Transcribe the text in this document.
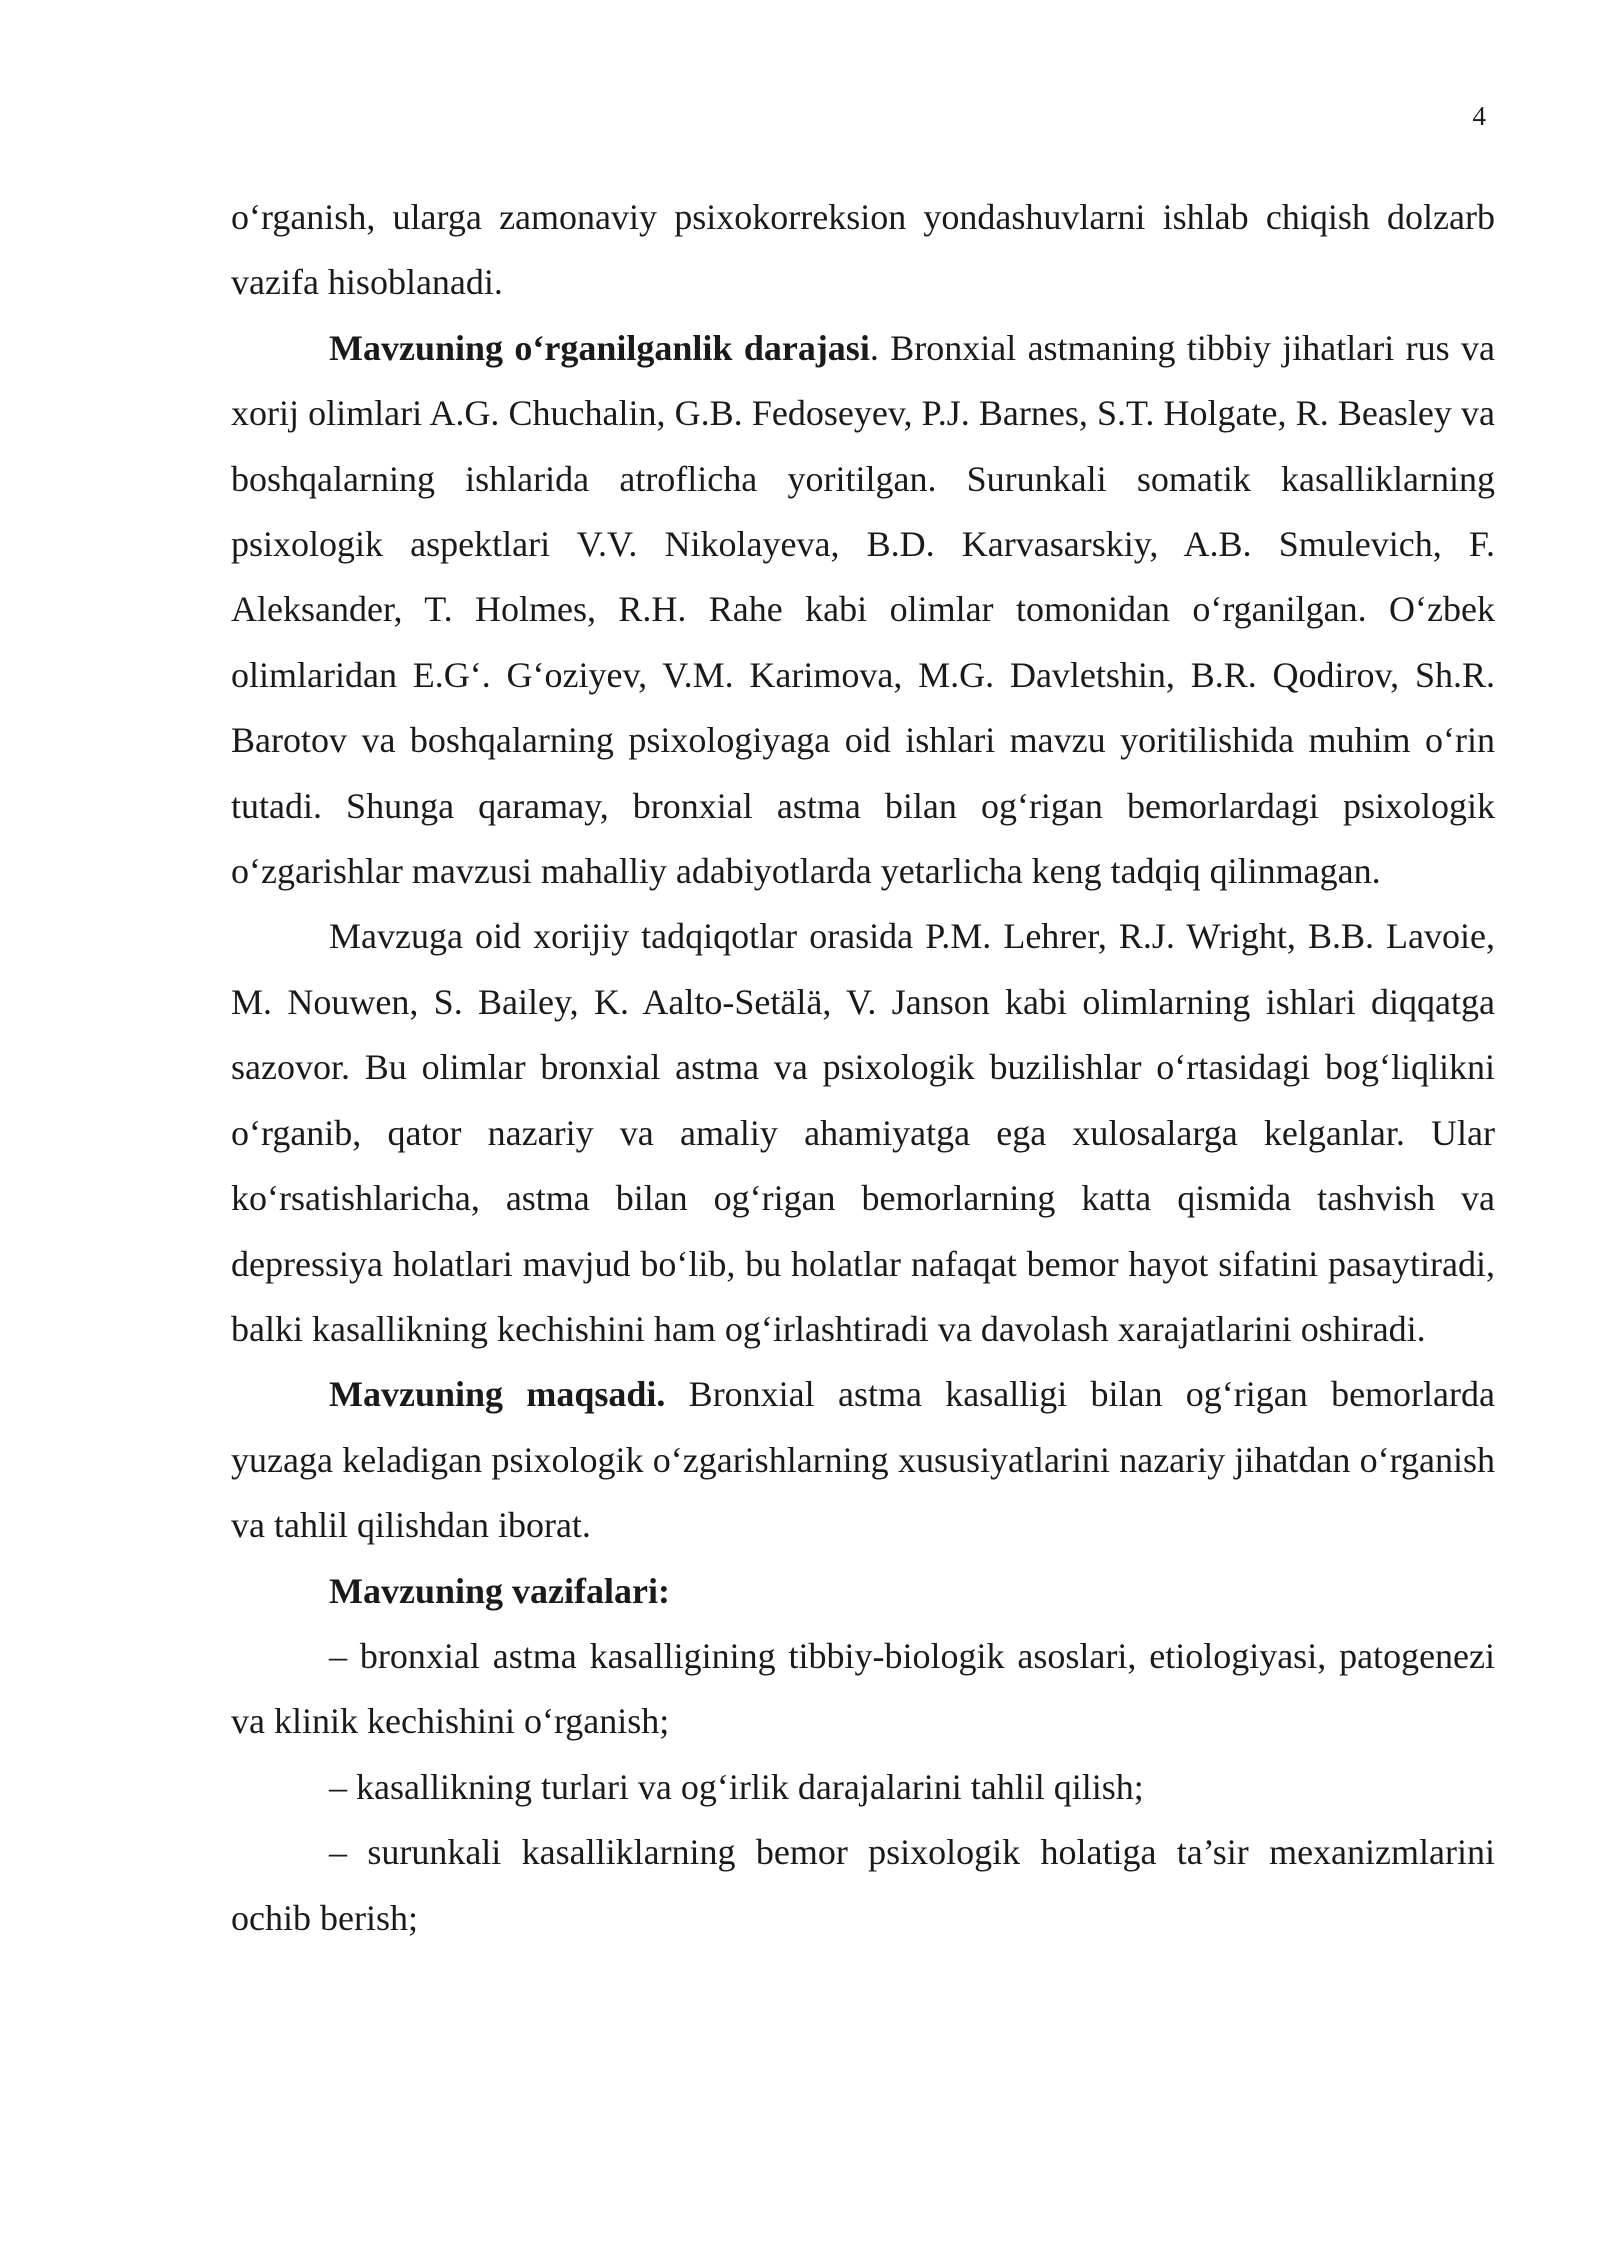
4

o‘rganish, ularga zamonaviy psixokorreksion yondashuvlarni ishlab chiqish dolzarb vazifa hisoblanadi.

Mavzuning o‘rganilganlik darajasi. Bronxial astmaning tibbiy jihatlari rus va xorij olimlari A.G. Chuchalin, G.B. Fedoseyev, P.J. Barnes, S.T. Holgate, R. Beasley va boshqalarning ishlarida atroflicha yoritilgan. Surunkali somatik kasalliklarning psixologik aspektlari V.V. Nikolayeva, B.D. Karvasarskiy, A.B. Smulevich, F. Aleksander, T. Holmes, R.H. Rahe kabi olimlar tomonidan o‘rganilgan. O‘zbek olimlaridan E.G‘. G‘oziyev, V.M. Karimova, M.G. Davletshin, B.R. Qodirov, Sh.R. Barotov va boshqalarning psixologiyaga oid ishlari mavzu yoritilishida muhim o‘rin tutadi. Shunga qaramay, bronxial astma bilan og‘rigan bemorlardagi psixologik o‘zgarishlar mavzusi mahalliy adabiyotlarda yetarlicha keng tadqiq qilinmagan.

Mavzuga oid xorijiy tadqiqotlar orasida P.M. Lehrer, R.J. Wright, B.B. Lavoie, M. Nouwen, S. Bailey, K. Aalto-Setälä, V. Janson kabi olimlarning ishlari diqqatga sazovor. Bu olimlar bronxial astma va psixologik buzilishlar o‘rtasidagi bog‘liqlikni o‘rganib, qator nazariy va amaliy ahamiyatga ega xulosalarga kelganlar. Ular ko‘rsatishlaricha, astma bilan og‘rigan bemorlarning katta qismida tashvish va depressiya holatlari mavjud bo‘lib, bu holatlar nafaqat bemor hayot sifatini pasaytiradi, balki kasallikning kechishini ham og‘irlashtiradi va davolash xarajatlarini oshiradi.

Mavzuning maqsadi. Bronxial astma kasalligi bilan og‘rigan bemorlarda yuzaga keladigan psixologik o‘zgarishlarning xususiyatlarini nazariy jihatdan o‘rganish va tahlil qilishdan iborat.

Mavzuning vazifalari:

– bronxial astma kasalligining tibbiy-biologik asoslari, etiologiyasi, patogenezi va klinik kechishini o‘rganish;

– kasallikning turlari va og‘irlik darajalarini tahlil qilish;

– surunkali kasalliklarning bemor psixologik holatiga ta’sir mexanizmlarini ochib berish;
